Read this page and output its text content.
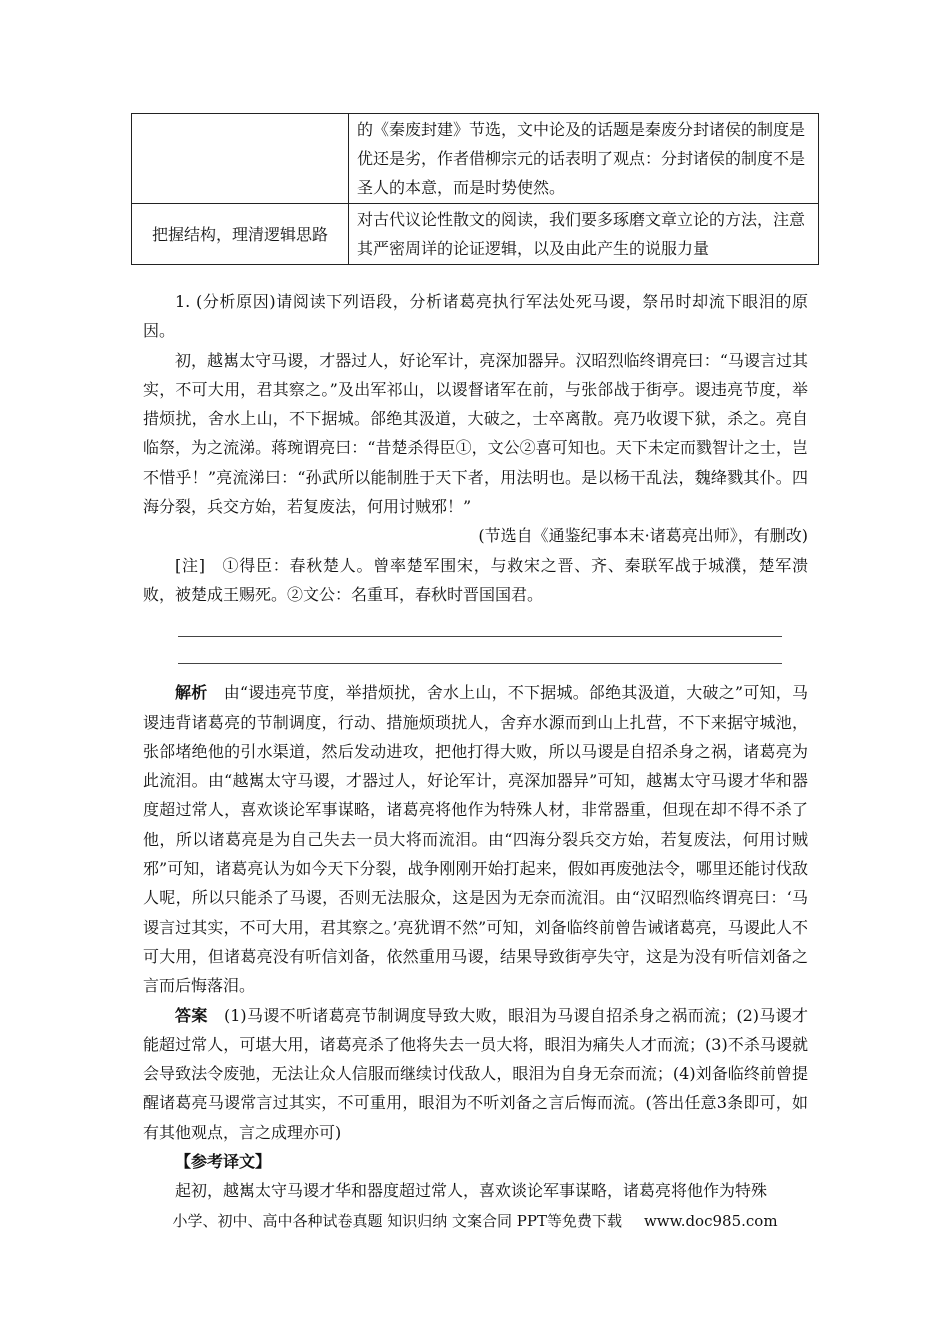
	的《秦废封建》节选，文中论及的话题是秦废分封诸侯的制度是优还是劣，作者借柳宗元的话表明了观点：分封诸侯的制度不是圣人的本意，而是时势使然。
把握结构，理清逻辑思路	对古代议论性散文的阅读，我们要多琢磨文章立论的方法，注意其严密周详的论证逻辑，以及由此产生的说服力量

1. (分析原因)请阅读下列语段，分析诸葛亮执行军法处死马谡，祭吊时却流下眼泪的原因。

初，越嶲太守马谡，才器过人，好论军计，亮深加器异。汉昭烈临终谓亮曰：“马谡言过其实，不可大用，君其察之。”及出军祁山，以谡督诸军在前，与张郃战于街亭。谡违亮节度，举措烦扰，舍水上山，不下据城。郃绝其汲道，大破之，士卒离散。亮乃收谡下狱，杀之。亮自临祭，为之流涕。蒋琬谓亮曰：“昔楚杀得臣①，文公②喜可知也。天下未定而戮智计之士，岂不惜乎！”亮流涕曰：“孙武所以能制胜于天下者，用法明也。是以杨干乱法，魏绛戮其仆。四海分裂，兵交方始，若复废法，何用讨贼邪！”

(节选自《通鉴纪事本末·诸葛亮出师》，有删改)

[注]　①得臣：春秋楚人。曾率楚军围宋，与救宋之晋、齐、秦联军战于城濮，楚军溃败，被楚成王赐死。②文公：名重耳，春秋时晋国国君。

解析　 由“谡违亮节度，举措烦扰，舍水上山，不下据城。郃绝其汲道，大破之”可知，马谡违背诸葛亮的节制调度，行动、措施烦琐扰人，舍弃水源而到山上扎营，不下来据守城池，张郃堵绝他的引水渠道，然后发动进攻，把他打得大败，所以马谡是自招杀身之祸，诸葛亮为此流泪。由“越嶲太守马谡，才器过人，好论军计，亮深加器异”可知，越嶲太守马谡才华和器度超过常人，喜欢谈论军事谋略，诸葛亮将他作为特殊人材，非常器重，但现在却不得不杀了他，所以诸葛亮是为自己失去一员大将而流泪。由“四海分裂兵交方始，若复废法，何用讨贼邪”可知，诸葛亮认为如今天下分裂，战争刚刚开始打起来，假如再废弛法令，哪里还能讨伐敌人呢，所以只能杀了马谡，否则无法服众，这是因为无奈而流泪。由“汉昭烈临终谓亮曰：‘马谡言过其实，不可大用，君其察之。’亮犹谓不然”可知，刘备临终前曾告诫诸葛亮，马谡此人不可大用，但诸葛亮没有听信刘备，依然重用马谡，结果导致街亭失守，这是为没有听信刘备之言而后悔落泪。

答案　 (1)马谡不听诸葛亮节制调度导致大败，眼泪为马谡自招杀身之祸而流；(2)马谡才能超过常人，可堪大用，诸葛亮杀了他将失去一员大将，眼泪为痛失人才而流；(3)不杀马谡就会导致法令废弛，无法让众人信服而继续讨伐敌人，眼泪为自身无奈而流；(4)刘备临终前曾提醒诸葛亮马谡常言过其实，不可重用，眼泪为不听刘备之言后悔而流。(答出任意3条即可，如有其他观点，言之成理亦可)

【参考译文】

起初，越嶲太守马谡才华和器度超过常人，喜欢谈论军事谋略，诸葛亮将他作为特殊

小学、初中、高中各种试卷真题 知识归纳 文案合同 PPT等免费下载 www.doc985.com
